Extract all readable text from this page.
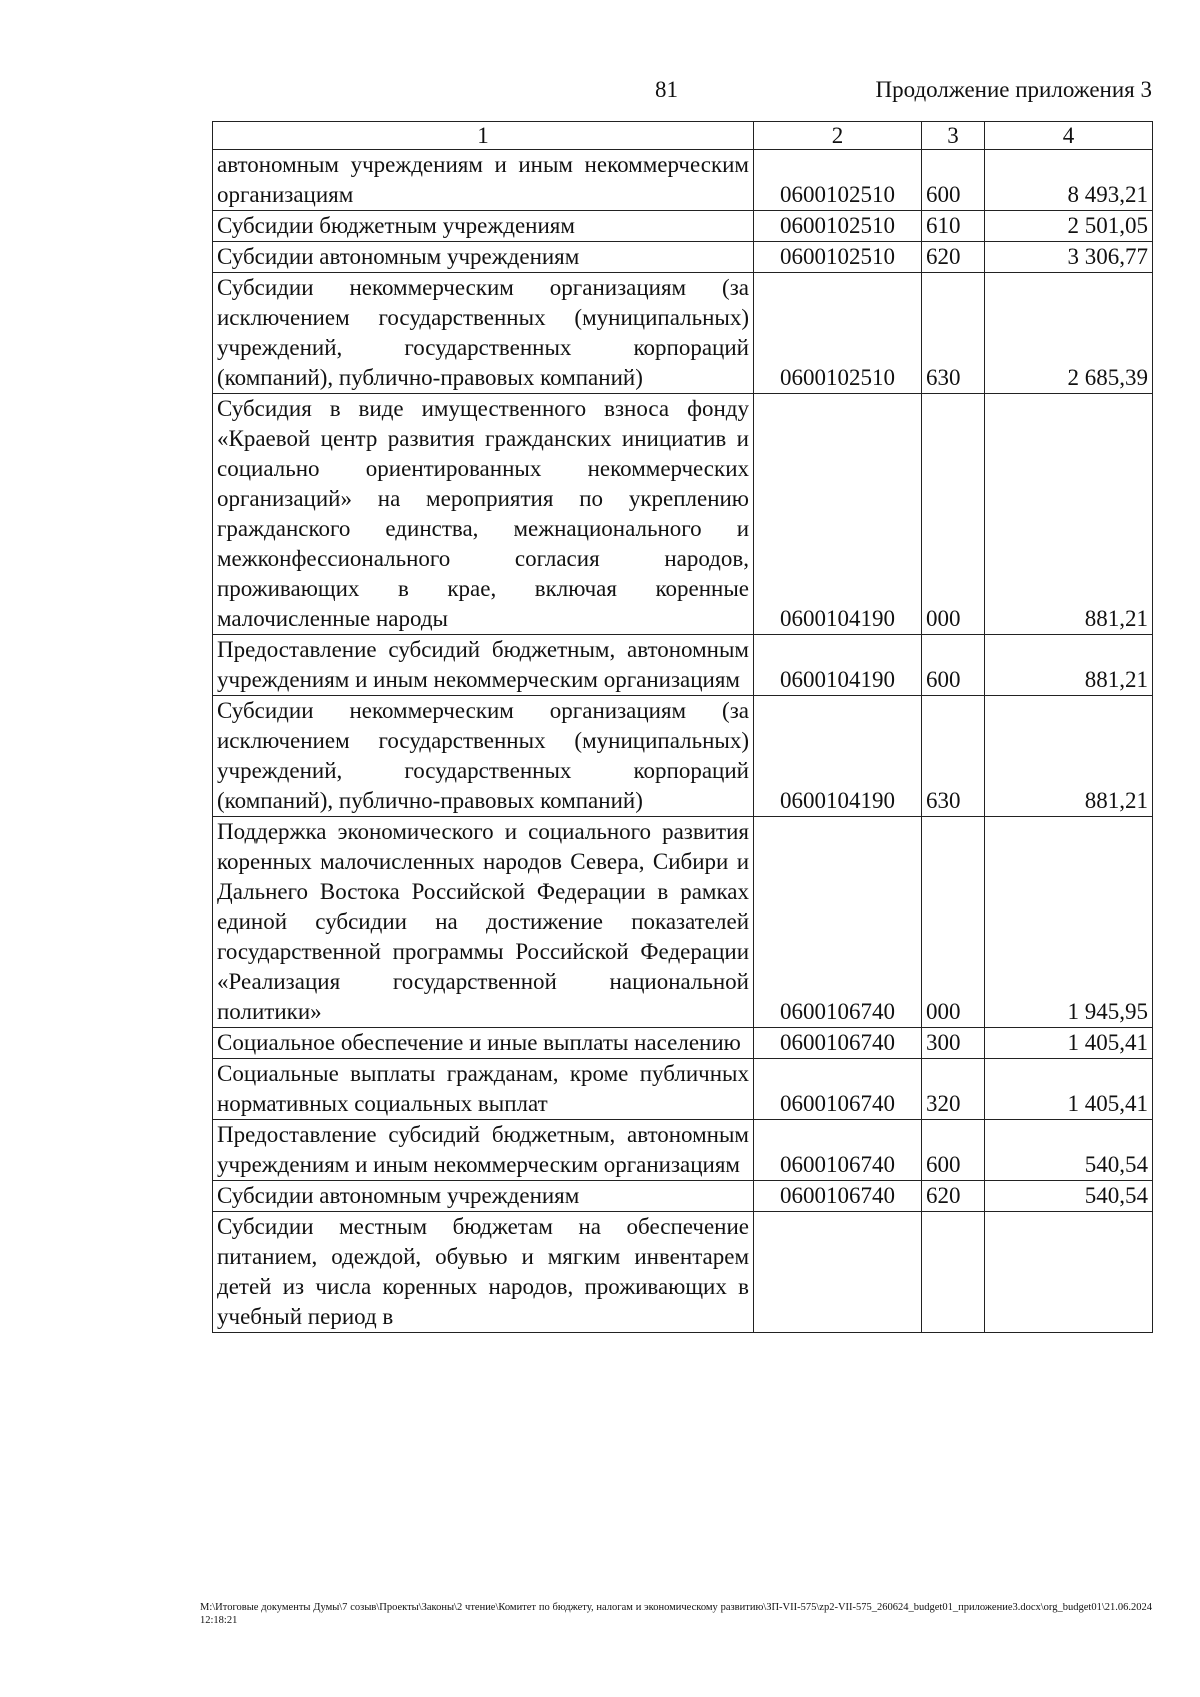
81	Продолжение приложения 3
1	2	3	4
автономным учреждениям и иным некоммерческим организациям	0600102510	600	8 493,21
Субсидии бюджетным учреждениям	0600102510	610	2 501,05
Субсидии автономным учреждениям	0600102510	620	3 306,77
Субсидии некоммерческим организациям (за исключением государственных (муниципальных) учреждений, государственных корпораций (компаний), публично-правовых компаний)	0600102510	630	2 685,39
Субсидия в виде имущественного взноса фонду «Краевой центр развития гражданских инициатив и социально ориентированных некоммерческих организаций» на мероприятия по укреплению гражданского единства, межнационального и межконфессионального согласия народов, проживающих в крае, включая коренные малочисленные народы	0600104190	000	881,21
Предоставление субсидий бюджетным, автономным учреждениям и иным некоммерческим организациям	0600104190	600	881,21
Субсидии некоммерческим организациям (за исключением государственных (муниципальных) учреждений, государственных корпораций (компаний), публично-правовых компаний)	0600104190	630	881,21
Поддержка экономического и социального развития коренных малочисленных народов Севера, Сибири и Дальнего Востока Российской Федерации в рамках единой субсидии на достижение показателей государственной программы Российской Федерации «Реализация государственной национальной политики»	0600106740	000	1 945,95
Социальное обеспечение и иные выплаты населению	0600106740	300	1 405,41
Социальные выплаты гражданам, кроме публичных нормативных социальных выплат	0600106740	320	1 405,41
Предоставление субсидий бюджетным, автономным учреждениям и иным некоммерческим организациям	0600106740	600	540,54
Субсидии автономным учреждениям	0600106740	620	540,54
Субсидии местным бюджетам на обеспечение питанием, одеждой, обувью и мягким инвентарем детей из числа коренных народов, проживающих в учебный период в			
M:\Итоговые документы Думы\7 созыв\Проекты\Законы\2 чтение\Комитет по бюджету, налогам и экономическому развитию\ЗП-VII-575\zp2-VII-575_260624_budget01_приложение3.docx\org_budget01\21.06.2024 12:18:21
